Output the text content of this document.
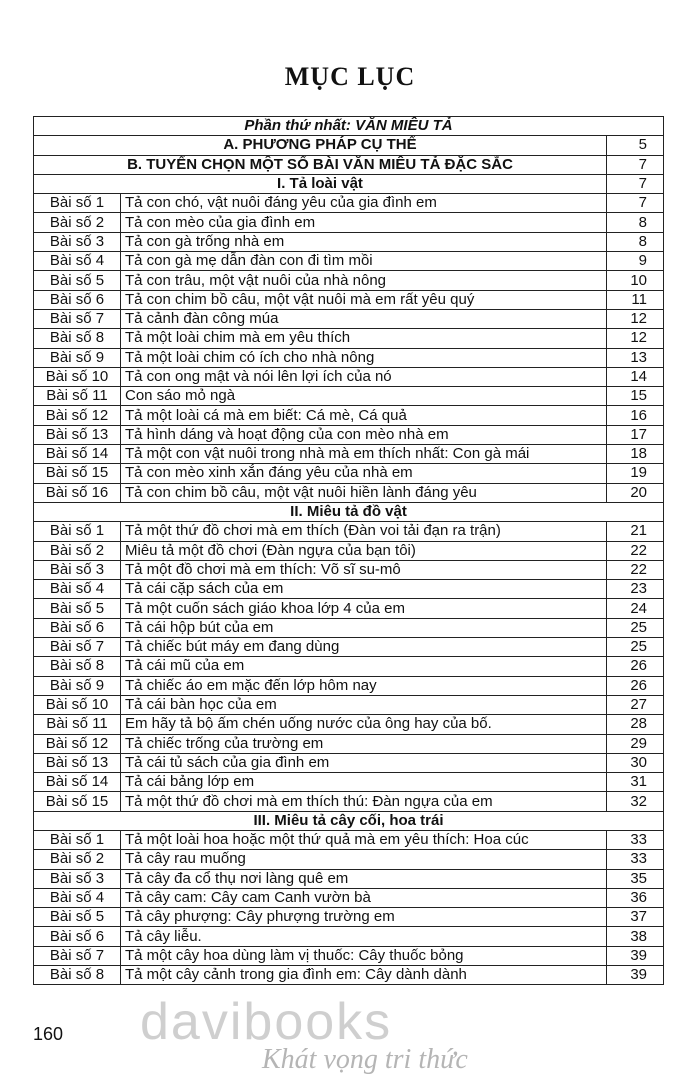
MỤC LỤC
Phần thứ nhất: VĂN MIÊU TẢ		
A. PHƯƠNG PHÁP CỤ THỂ		5
B. TUYỂN CHỌN MỘT SỐ BÀI VĂN MIÊU TẢ ĐẶC SẮC		7
I. Tả loài vật		7
Bài số 1	Tả con chó, vật nuôi đáng yêu của gia đình em	7
Bài số 2	Tả con mèo của gia đình em	8
Bài số 3	Tả con gà trống nhà em	8
Bài số 4	Tả con gà mẹ dẫn đàn con đi tìm mồi	9
Bài số 5	Tả con trâu, một vật nuôi của nhà nông	10
Bài số 6	Tả con chim bồ câu, một vật nuôi mà em rất yêu quý	11
Bài số 7	Tả cảnh đàn công múa	12
Bài số 8	Tả một loài chim mà em yêu thích	12
Bài số 9	Tả một loài chim có ích cho nhà nông	13
Bài số 10	Tả con ong mật và nói lên lợi ích của nó	14
Bài số 11	Con sáo mỏ ngà	15
Bài số 12	Tả một loài cá mà em biết: Cá mè, Cá quả	16
Bài số 13	Tả hình dáng và hoạt động của con mèo nhà em	17
Bài số 14	Tả một con vật nuôi trong nhà mà em thích nhất: Con gà mái	18
Bài số 15	Tả con mèo xinh xắn đáng yêu của nhà em	19
Bài số 16	Tả con chim bồ câu, một vật nuôi hiền lành đáng yêu	20
II. Miêu tả đồ vật		
Bài số 1	Tả một thứ đồ chơi mà em thích (Đàn voi tải đạn ra trận)	21
Bài số 2	Miêu tả một đồ chơi (Đàn ngựa của bạn tôi)	22
Bài số 3	Tả một đồ chơi mà em thích: Võ sĩ su-mô	22
Bài số 4	Tả cái cặp sách của em	23
Bài số 5	Tả một cuốn sách giáo khoa lớp 4 của em	24
Bài số 6	Tả cái hộp bút của em	25
Bài số 7	Tả chiếc bút máy em đang dùng	25
Bài số 8	Tả cái mũ của em	26
Bài số 9	Tả chiếc áo em mặc đến lớp hôm nay	26
Bài số 10	Tả cái bàn học của em	27
Bài số 11	Em hãy tả bộ ấm chén uống nước của ông hay của bố.	28
Bài số 12	Tả chiếc trống của trường em	29
Bài số 13	Tả cái tủ sách của gia đình em	30
Bài số 14	Tả cái bảng lớp em	31
Bài số 15	Tả một thứ đồ chơi mà em thích thú: Đàn ngựa của em	32
III. Miêu tả cây cối, hoa trái		
Bài số 1	Tả một loài hoa hoặc một thứ quả mà em yêu thích: Hoa cúc	33
Bài số 2	Tả cây rau muống	33
Bài số 3	Tả cây đa cổ thụ nơi làng quê em	35
Bài số 4	Tả cây cam: Cây cam Canh vườn bà	36
Bài số 5	Tả cây phượng: Cây phượng trường em	37
Bài số 6	Tả cây liễu.	38
Bài số 7	Tả một cây hoa dùng làm vị thuốc: Cây thuốc bỏng	39
Bài số 8	Tả một cây cảnh trong gia đình em: Cây dành dành	39
160 davibooks
Khát vọng tri thức
